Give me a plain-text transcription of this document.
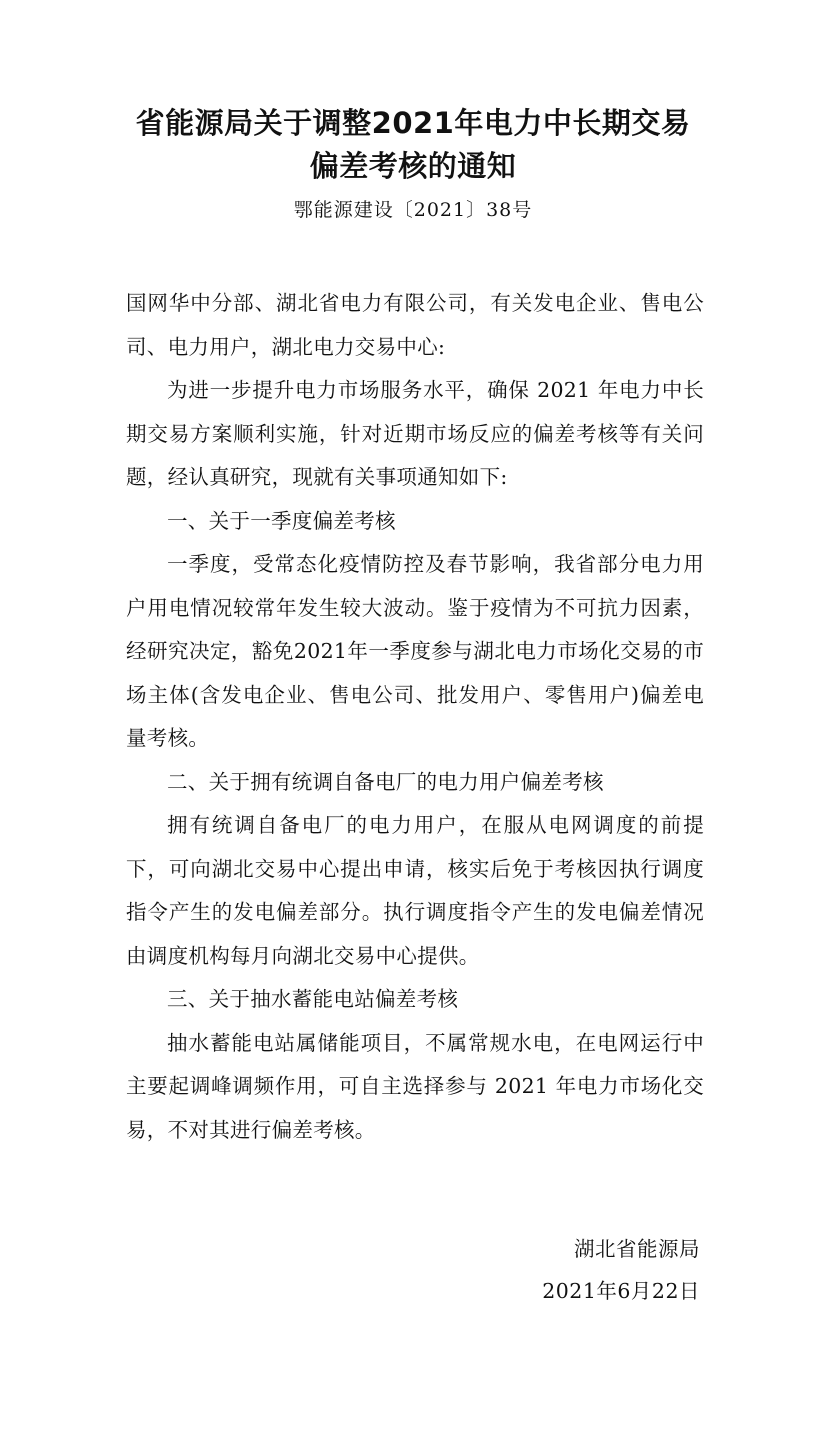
省能源局关于调整2021年电力中长期交易
偏差考核的通知
鄂能源建设〔2021〕38号

国网华中分部、湖北省电力有限公司，有关发电企业、售电公司、电力用户，湖北电力交易中心:

为进一步提升电力市场服务水平，确保 2021 年电力中长期交易方案顺利实施，针对近期市场反应的偏差考核等有关问题，经认真研究，现就有关事项通知如下:

一、关于一季度偏差考核

一季度，受常态化疫情防控及春节影响，我省部分电力用户用电情况较常年发生较大波动。鉴于疫情为不可抗力因素，经研究决定，豁免2021年一季度参与湖北电力市场化交易的市场主体(含发电企业、售电公司、批发用户、零售用户)偏差电量考核。

二、关于拥有统调自备电厂的电力用户偏差考核

拥有统调自备电厂的电力用户，在服从电网调度的前提下，可向湖北交易中心提出申请，核实后免于考核因执行调度指令产生的发电偏差部分。执行调度指令产生的发电偏差情况由调度机构每月向湖北交易中心提供。

三、关于抽水蓄能电站偏差考核

抽水蓄能电站属储能项目，不属常规水电，在电网运行中主要起调峰调频作用，可自主选择参与 2021 年电力市场化交易，不对其进行偏差考核。

湖北省能源局
2021年6月22日
